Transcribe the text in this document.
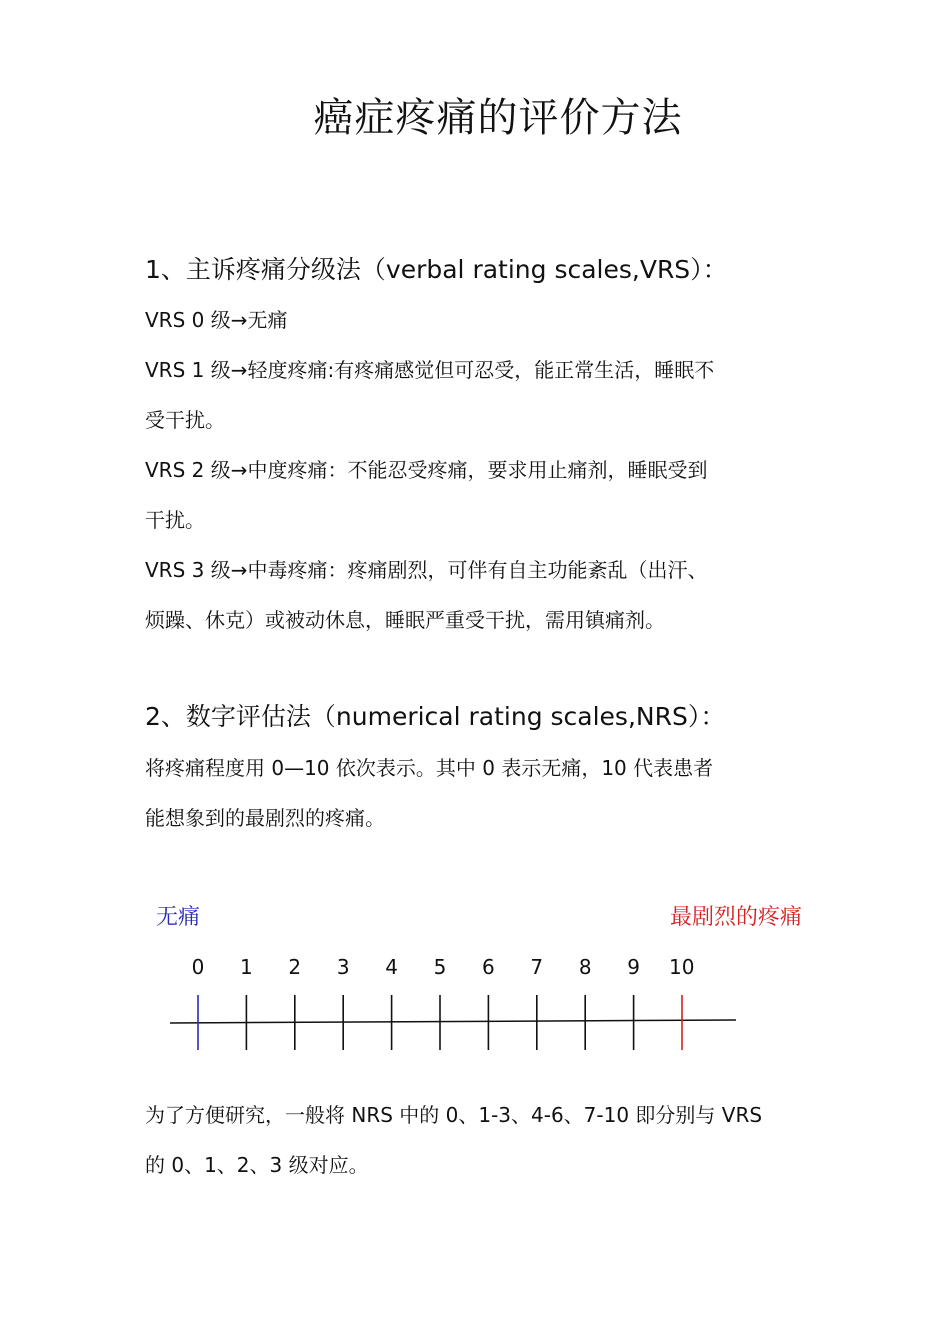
癌症疼痛的评价方法
1、主诉疼痛分级法（verbal rating scales,VRS）：
VRS 0 级→无痛
VRS 1 级→轻度疼痛:有疼痛感觉但可忍受，能正常生活，睡眠不
受干扰。
VRS 2 级→中度疼痛：不能忍受疼痛，要求用止痛剂，睡眠受到
干扰。
VRS 3 级→中毒疼痛：疼痛剧烈，可伴有自主功能紊乱（出汗、
烦躁、休克）或被动休息，睡眠严重受干扰，需用镇痛剂。
2、数字评估法（numerical rating scales,NRS）：
将疼痛程度用 0—10 依次表示。其中 0 表示无痛，10 代表患者
能想象到的最剧烈的疼痛。
无痛	最剧烈的疼痛
0 1 2 3 4 5 6 7 8 9 10
为了方便研究，一般将 NRS 中的 0、1-3、4-6、7-10 即分别与 VRS
的 0、1、2、3 级对应。
